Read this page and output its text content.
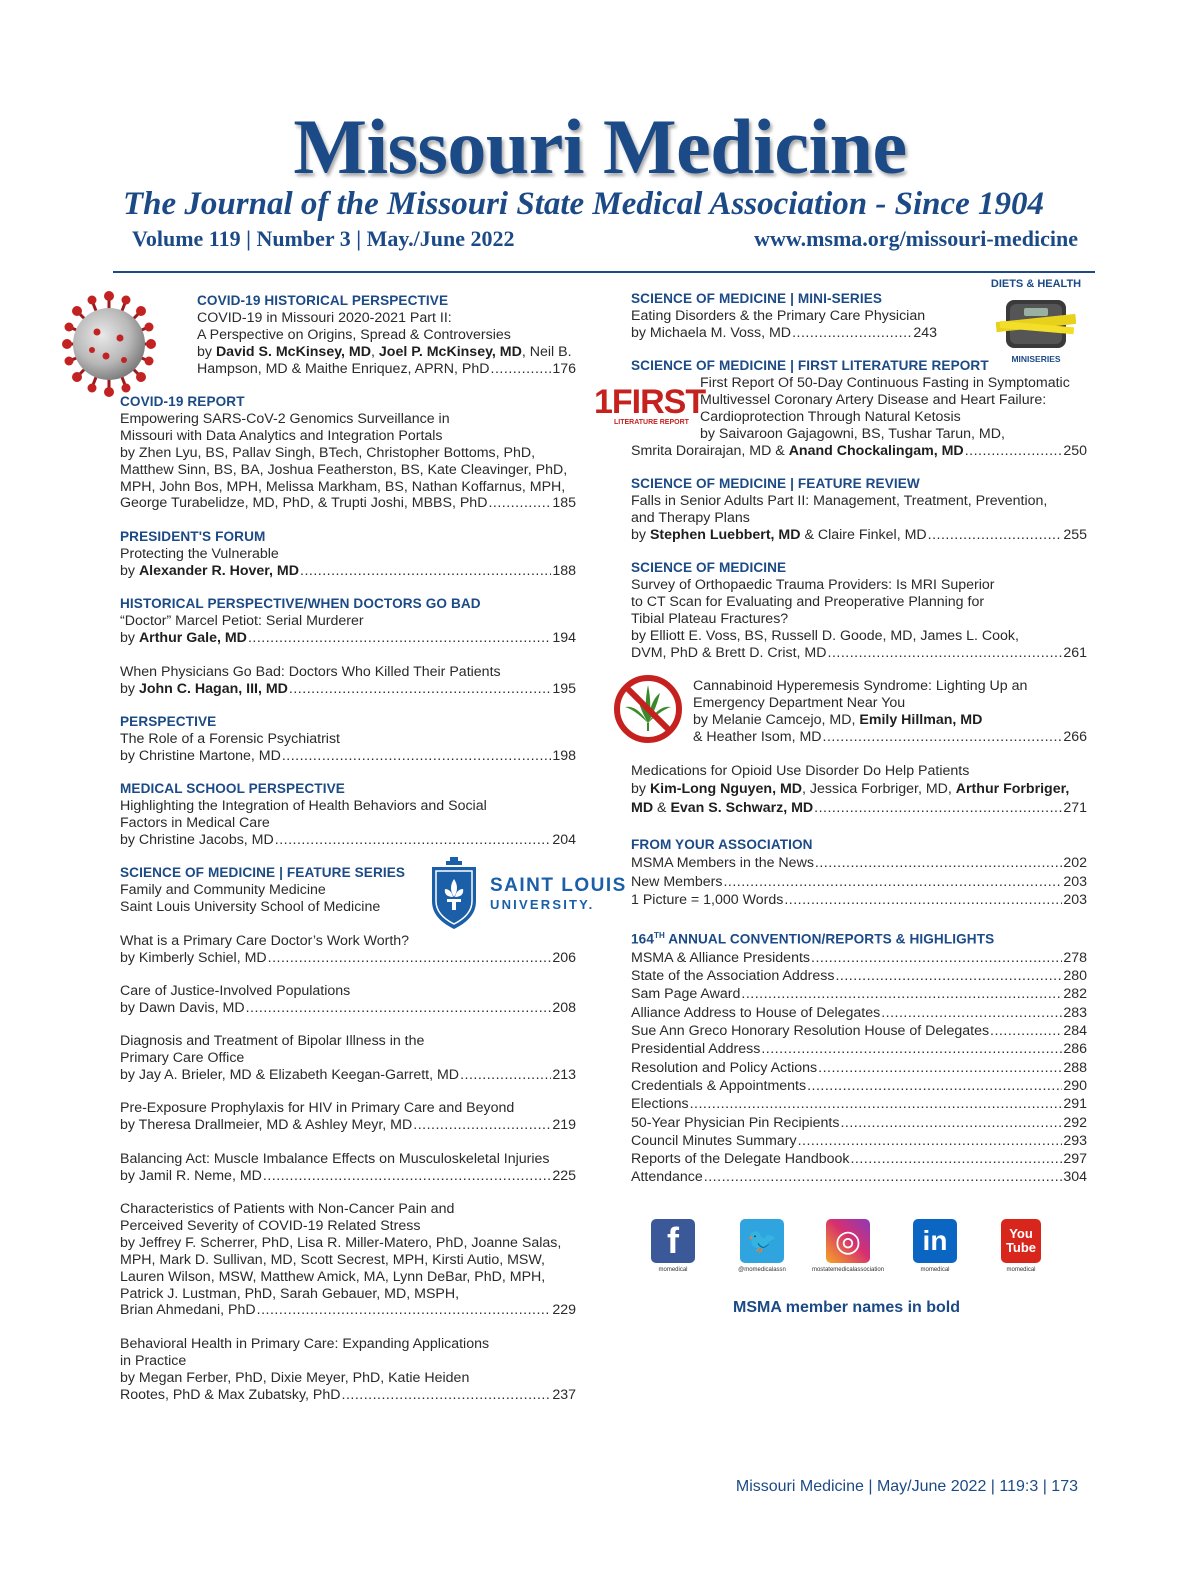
Missouri Medicine
The Journal of the Missouri State Medical Association - Since 1904
Volume 119 | Number 3 | May./June 2022	www.msma.org/missouri-medicine
COVID-19 HISTORICAL PERSPECTIVE
COVID-19 in Missouri 2020-2021 Part II:
A Perspective on Origins, Spread & Controversies
by David S. McKinsey, MD, Joel P. McKinsey, MD, Neil B.
Hampson, MD & Maithe Enriquez, APRN, PhD .....	176
COVID-19 REPORT
Empowering SARS-CoV-2 Genomics Surveillance in
Missouri with Data Analytics and Integration Portals
by Zhen Lyu, BS, Pallav Singh, BTech, Christopher Bottoms, PhD,
Matthew Sinn, BS, BA, Joshua Featherston, BS, Kate Cleavinger, PhD,
MPH, John Bos, MPH, Melissa Markham, BS, Nathan Koffarnus, MPH,
George Turabelidze, MD, PhD, & Trupti Joshi, MBBS, PhD .....	185
PRESIDENT'S FORUM
Protecting the Vulnerable
by Alexander R. Hover, MD .....	188
HISTORICAL PERSPECTIVE/WHEN DOCTORS GO BAD
“Doctor” Marcel Petiot: Serial Murderer
by Arthur Gale, MD .....	194
When Physicians Go Bad: Doctors Who Killed Their Patients
by John C. Hagan, III, MD .....	195
PERSPECTIVE
The Role of a Forensic Psychiatrist
by Christine Martone, MD .....	198
MEDICAL SCHOOL PERSPECTIVE
Highlighting the Integration of Health Behaviors and Social
Factors in Medical Care
by Christine Jacobs, MD .....	204
SCIENCE OF MEDICINE | FEATURE SERIES
Family and Community Medicine
Saint Louis University School of Medicine
What is a Primary Care Doctor’s Work Worth?
by Kimberly Schiel, MD .....	206
Care of Justice-Involved Populations
by Dawn Davis, MD .....	208
Diagnosis and Treatment of Bipolar Illness in the
Primary Care Office
by Jay A. Brieler, MD & Elizabeth Keegan-Garrett, MD .....	213
Pre-Exposure Prophylaxis for HIV in Primary Care and Beyond
by Theresa Drallmeier, MD & Ashley Meyr, MD .....	219
Balancing Act: Muscle Imbalance Effects on Musculoskeletal Injuries
by Jamil R. Neme, MD .....	225
Characteristics of Patients with Non-Cancer Pain and
Perceived Severity of COVID-19 Related Stress
by Jeffrey F. Scherrer, PhD, Lisa R. Miller-Matero, PhD, Joanne Salas,
MPH, Mark D. Sullivan, MD, Scott Secrest, MPH, Kirsti Autio, MSW,
Lauren Wilson, MSW, Matthew Amick, MA, Lynn DeBar, PhD, MPH,
Patrick J. Lustman, PhD, Sarah Gebauer, MD, MSPH,
Brian Ahmedani, PhD .....	229
Behavioral Health in Primary Care: Expanding Applications
in Practice
by Megan Ferber, PhD, Dixie Meyer, PhD, Katie Heiden
Rootes, PhD & Max Zubatsky, PhD .....	237
SAINT LOUIS
UNIVERSITY.
DIETS & HEALTH
MINISERIES
1FIRST
LITERATURE REPORT
SCIENCE OF MEDICINE | MINI-SERIES
Eating Disorders & the Primary Care Physician
by Michaela M. Voss, MD .....	243
SCIENCE OF MEDICINE | FIRST LITERATURE REPORT
First Report Of 50-Day Continuous Fasting in Symptomatic
Multivessel Coronary Artery Disease and Heart Failure:
Cardioprotection Through Natural Ketosis
by Saivaroon Gajagowni, BS, Tushar Tarun, MD,
Smrita Dorairajan, MD & Anand Chockalingam, MD .....	250
SCIENCE OF MEDICINE | FEATURE REVIEW
Falls in Senior Adults Part II: Management, Treatment, Prevention,
and Therapy Plans
by Stephen Luebbert, MD & Claire Finkel, MD .....	255
SCIENCE OF MEDICINE
Survey of Orthopaedic Trauma Providers: Is MRI Superior
to CT Scan for Evaluating and Preoperative Planning for
Tibial Plateau Fractures?
by Elliott E. Voss, BS, Russell D. Goode, MD, James L. Cook,
DVM, PhD & Brett D. Crist, MD .....	261
Cannabinoid Hyperemesis Syndrome: Lighting Up an
Emergency Department Near You
by Melanie Camcejo, MD, Emily Hillman, MD
& Heather Isom, MD .....	266
Medications for Opioid Use Disorder Do Help Patients
by Kim-Long Nguyen, MD, Jessica Forbriger, MD, Arthur Forbriger,
MD & Evan S. Schwarz, MD .....	271
FROM YOUR ASSOCIATION
MSMA Members in the News .....	202
New Members .....	203
1 Picture = 1,000 Words .....	203
164TH ANNUAL CONVENTION/REPORTS & HIGHLIGHTS
MSMA & Alliance Presidents .....	278
State of the Association Address .....	280
Sam Page Award .....	282
Alliance Address to House of Delegates .....	283
Sue Ann Greco Honorary Resolution House of Delegates .....	284
Presidential Address .....	286
Resolution and Policy Actions .....	288
Credentials & Appointments .....	290
Elections .....	291
50-Year Physician Pin Recipients .....	292
Council Minutes Summary .....	293
Reports of the Delegate Handbook .....	297
Attendance .....	304
f
momedical
🐦
@momedicalassn
◎
mostatemedicalassociation
in
momedical
You Tube
momedical
MSMA member names in bold
Missouri Medicine | May/June 2022 | 119:3 | 173
